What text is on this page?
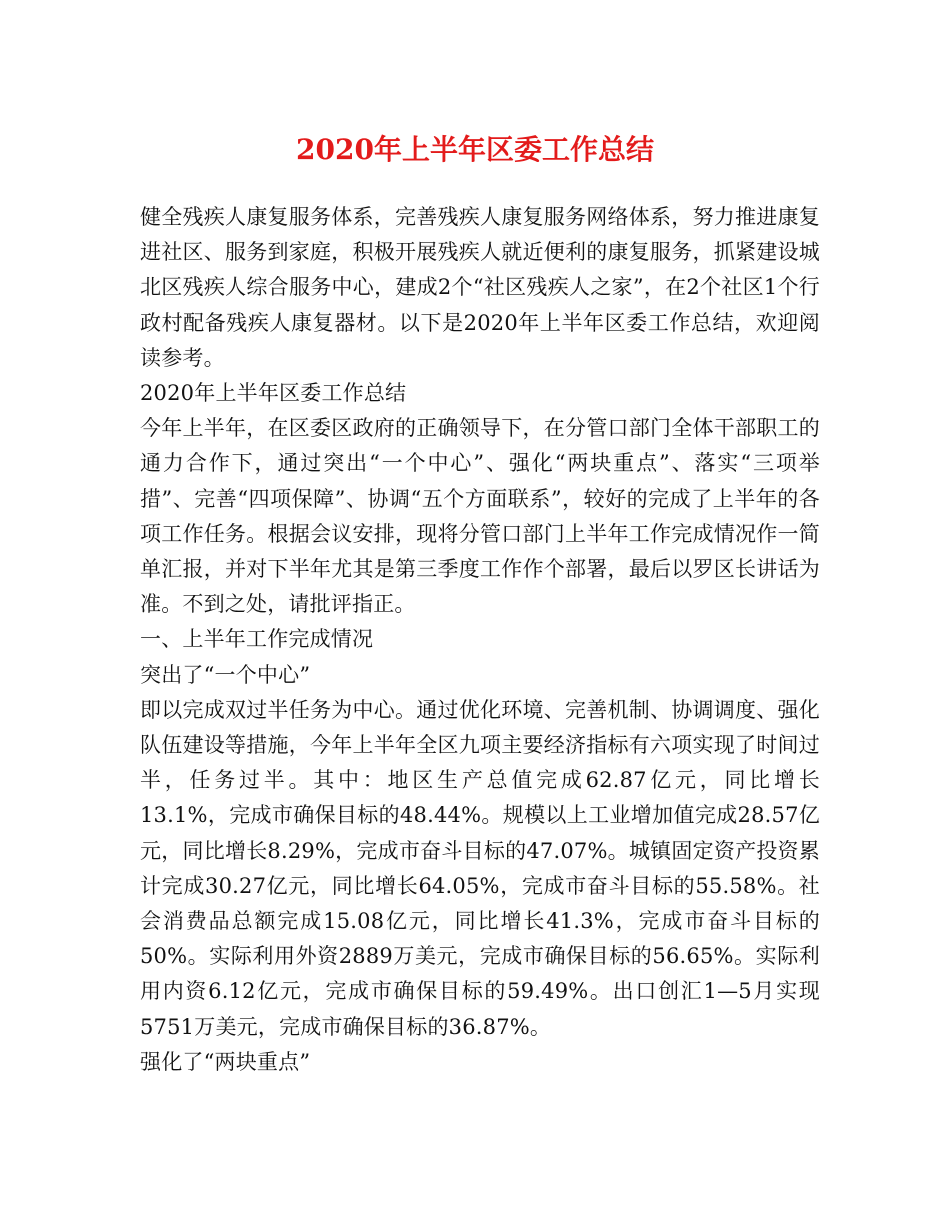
2020年上半年区委工作总结

健全残疾人康复服务体系，完善残疾人康复服务网络体系，努力推进康复进社区、服务到家庭，积极开展残疾人就近便利的康复服务，抓紧建设城北区残疾人综合服务中心，建成2个“社区残疾人之家”，在2个社区1个行政村配备残疾人康复器材。以下是2020年上半年区委工作总结，欢迎阅读参考。

2020年上半年区委工作总结

今年上半年，在区委区政府的正确领导下，在分管口部门全体干部职工的通力合作下，通过突出“一个中心”、强化“两块重点”、落实“三项举措”、完善“四项保障”、协调“五个方面联系”，较好的完成了上半年的各项工作任务。根据会议安排，现将分管口部门上半年工作完成情况作一简单汇报，并对下半年尤其是第三季度工作作个部署，最后以罗区长讲话为准。不到之处，请批评指正。

一、上半年工作完成情况

突出了“一个中心”

即以完成双过半任务为中心。通过优化环境、完善机制、协调调度、强化队伍建设等措施，今年上半年全区九项主要经济指标有六项实现了时间过半，任务过半。其中：地区生产总值完成62.87亿元，同比增长13.1%，完成市确保目标的48.44%。规模以上工业增加值完成28.57亿元，同比增长8.29%，完成市奋斗目标的47.07%。城镇固定资产投资累计完成30.27亿元，同比增长64.05%，完成市奋斗目标的55.58%。社会消费品总额完成15.08亿元，同比增长41.3%，完成市奋斗目标的50%。实际利用外资2889万美元，完成市确保目标的56.65%。实际利用内资6.12亿元，完成市确保目标的59.49%。出口创汇1—5月实现5751万美元，完成市确保目标的36.87%。

强化了“两块重点”
